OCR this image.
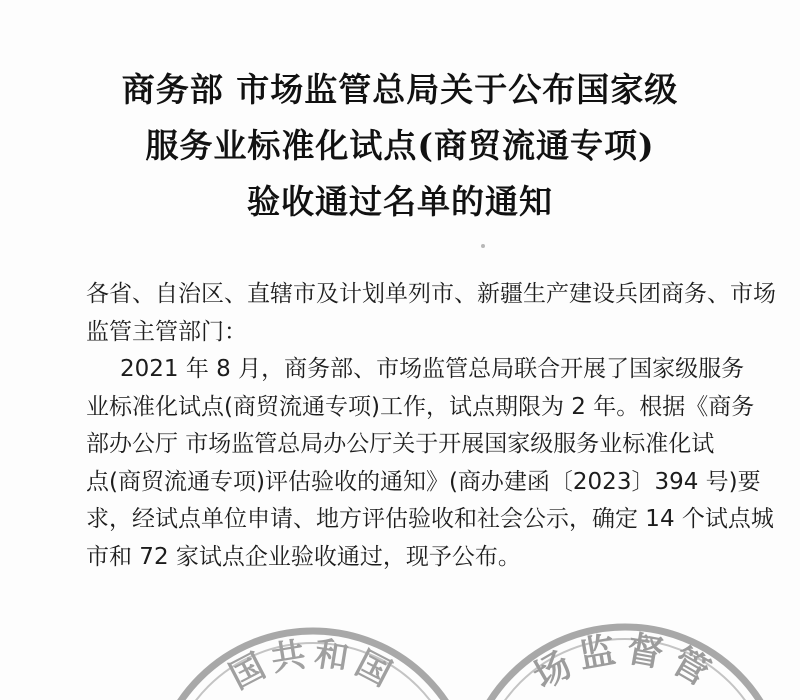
商务部 市场监管总局关于公布国家级
服务业标准化试点(商贸流通专项)
验收通过名单的通知
各省、自治区、直辖市及计划单列市、新疆生产建设兵团商务、市场
监管主管部门：
2021 年 8 月，商务部、市场监管总局联合开展了国家级服务
业标准化试点(商贸流通专项)工作，试点期限为 2 年。根据《商务
部办公厅 市场监管总局办公厅关于开展国家级服务业标准化试
点(商贸流通专项)评估验收的通知》(商办建函〔2023〕394 号)要
求，经试点单位申请、地方评估验收和社会公示，确定 14 个试点城
市和 72 家试点企业验收通过，现予公布。
国共和国	场监督管
